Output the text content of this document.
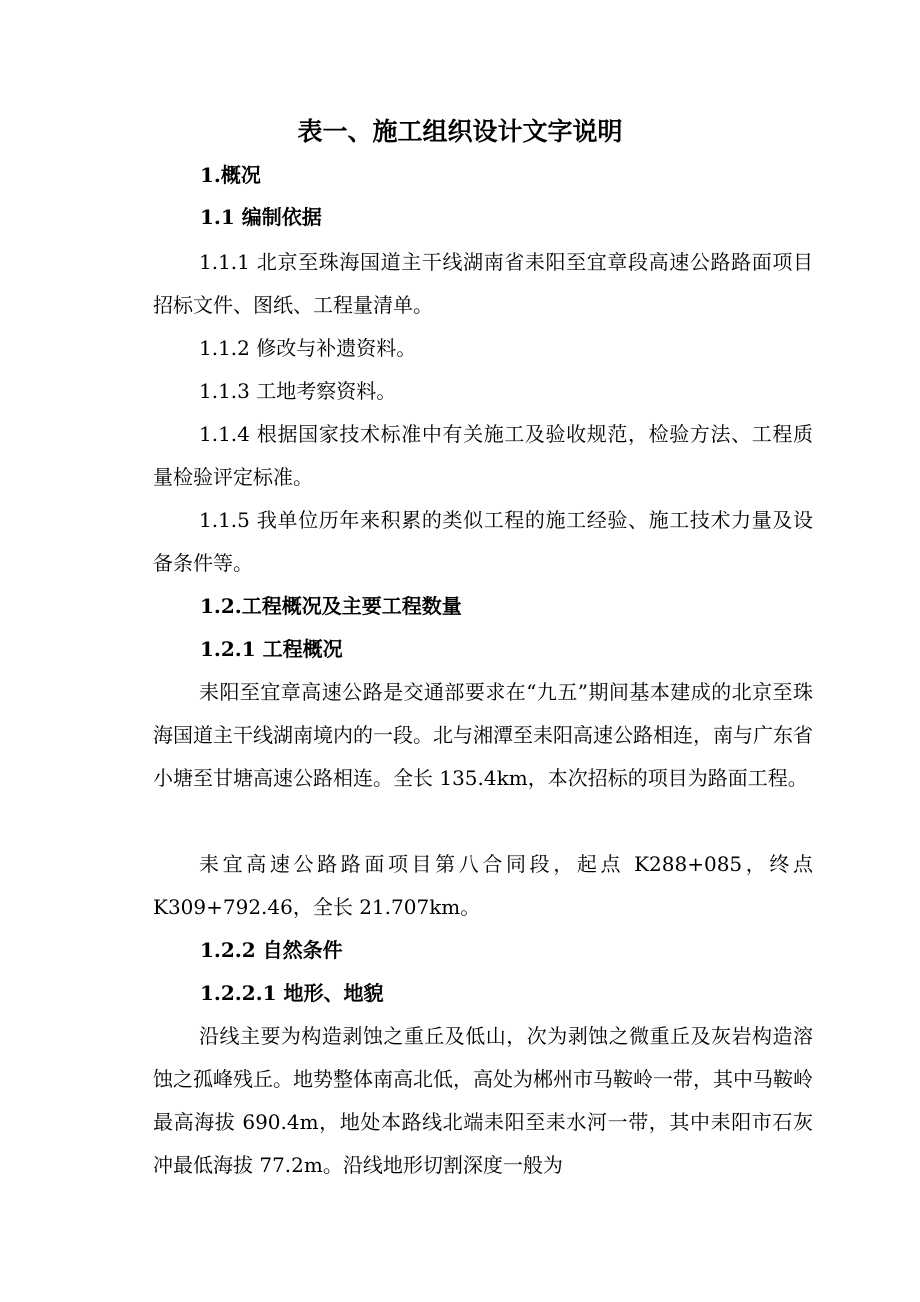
表一、施工组织设计文字说明
1.概况
1.1 编制依据

1.1.1 北京至珠海国道主干线湖南省耒阳至宜章段高速公路路面项目招标文件、图纸、工程量清单。

1.1.2 修改与补遗资料。

1.1.3 工地考察资料。

1.1.4 根据国家技术标准中有关施工及验收规范，检验方法、工程质量检验评定标准。

1.1.5 我单位历年来积累的类似工程的施工经验、施工技术力量及设备条件等。

1.2.工程概况及主要工程数量
1.2.1 工程概况

耒阳至宜章高速公路是交通部要求在“九五”期间基本建成的北京至珠海国道主干线湖南境内的一段。北与湘潭至耒阳高速公路相连，南与广东省小塘至甘塘高速公路相连。全长 135.4km，本次招标的项目为路面工程。

耒宜高速公路路面项目第八合同段，起点 K288+085，终点 K309+792.46，全长 21.707km。

1.2.2 自然条件
1.2.2.1 地形、地貌

沿线主要为构造剥蚀之重丘及低山，次为剥蚀之微重丘及灰岩构造溶蚀之孤峰残丘。地势整体南高北低，高处为郴州市马鞍岭一带，其中马鞍岭最高海拔 690.4m，地处本路线北端耒阳至耒水河一带，其中耒阳市石灰冲最低海拔 77.2m。沿线地形切割深度一般为
